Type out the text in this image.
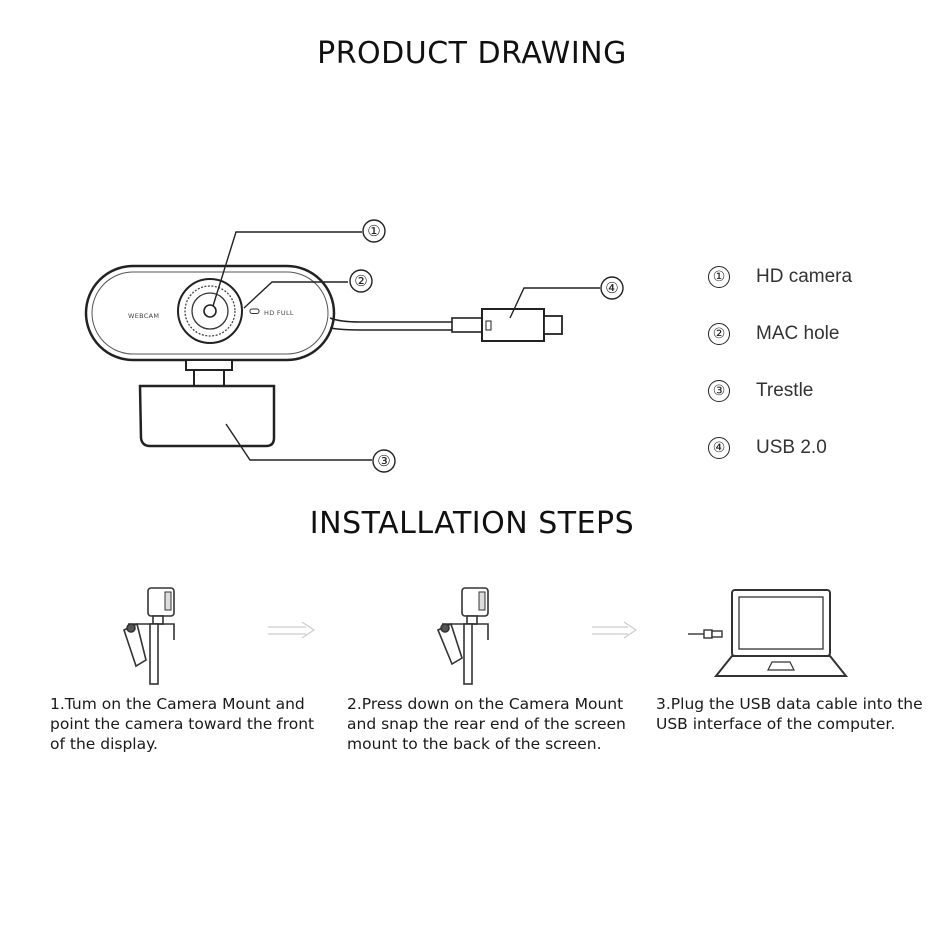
PRODUCT DRAWING
INSTALLATION STEPS
WEBCAM	HD FULL
①
②	④
③
① HD camera
② MAC hole
③ Trestle
④ USB 2.0
1.Tum on the Camera Mount and point the camera toward the front of the display.
2.Press down on the Camera Mount and snap the rear end of the screen mount to the back of the screen.
3.Plug the USB data cable into the USB interface of the computer.
